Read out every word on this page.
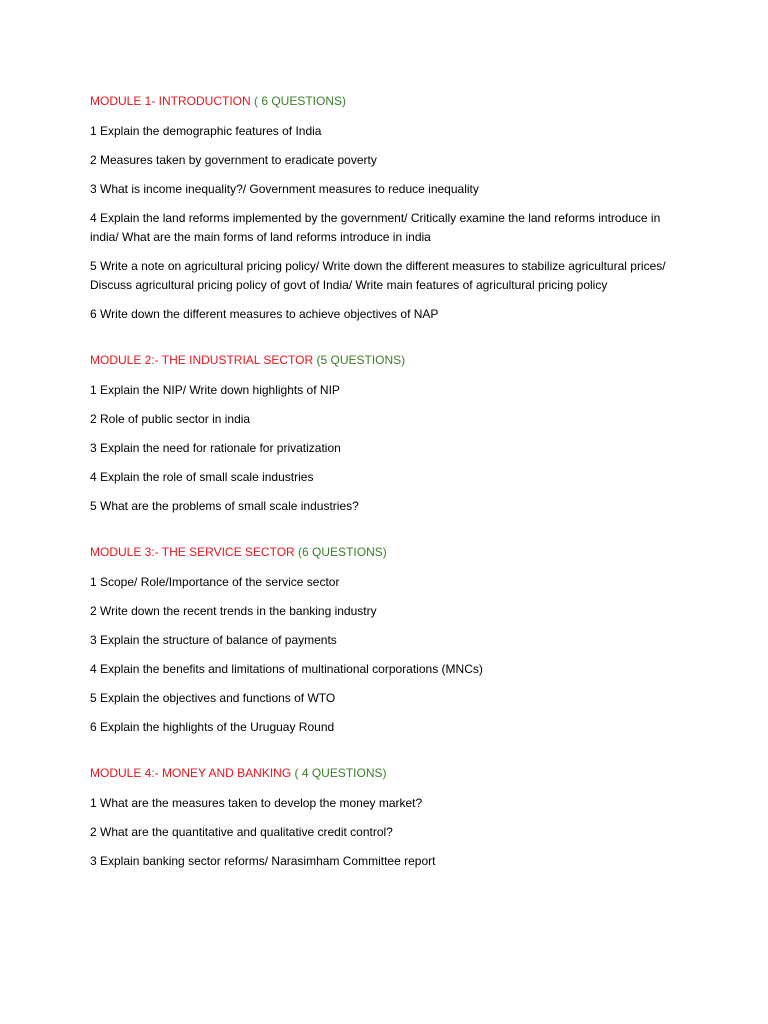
MODULE 1- INTRODUCTION ( 6 QUESTIONS)
1 Explain the demographic features of India
2 Measures taken by government to eradicate poverty
3 What is income inequality?/ Government measures to reduce inequality
4 Explain the land reforms implemented by the government/ Critically examine the land reforms introduce in india/ What are the main forms of land reforms introduce in india
5 Write a note on agricultural pricing policy/ Write down the different measures to stabilize agricultural prices/ Discuss agricultural pricing policy of govt of India/ Write main features of agricultural pricing policy
6 Write down the different measures to achieve objectives of NAP
MODULE 2:- THE INDUSTRIAL SECTOR (5 QUESTIONS)
1 Explain the NIP/ Write down highlights of NIP
2 Role of public sector in india
3 Explain the need for rationale for privatization
4 Explain the role of small scale industries
5 What are the problems of small scale industries?
MODULE 3:- THE SERVICE SECTOR (6 QUESTIONS)
1 Scope/ Role/Importance of the service sector
2 Write down the recent trends in the banking industry
3 Explain the structure of balance of payments
4 Explain the benefits and limitations of multinational corporations (MNCs)
5 Explain the objectives and functions of WTO
6 Explain the highlights of the Uruguay Round
MODULE 4:- MONEY AND BANKING ( 4 QUESTIONS)
1 What are the measures taken to develop the money market?
2 What are the quantitative and qualitative credit control?
3 Explain banking sector reforms/ Narasimham Committee report
